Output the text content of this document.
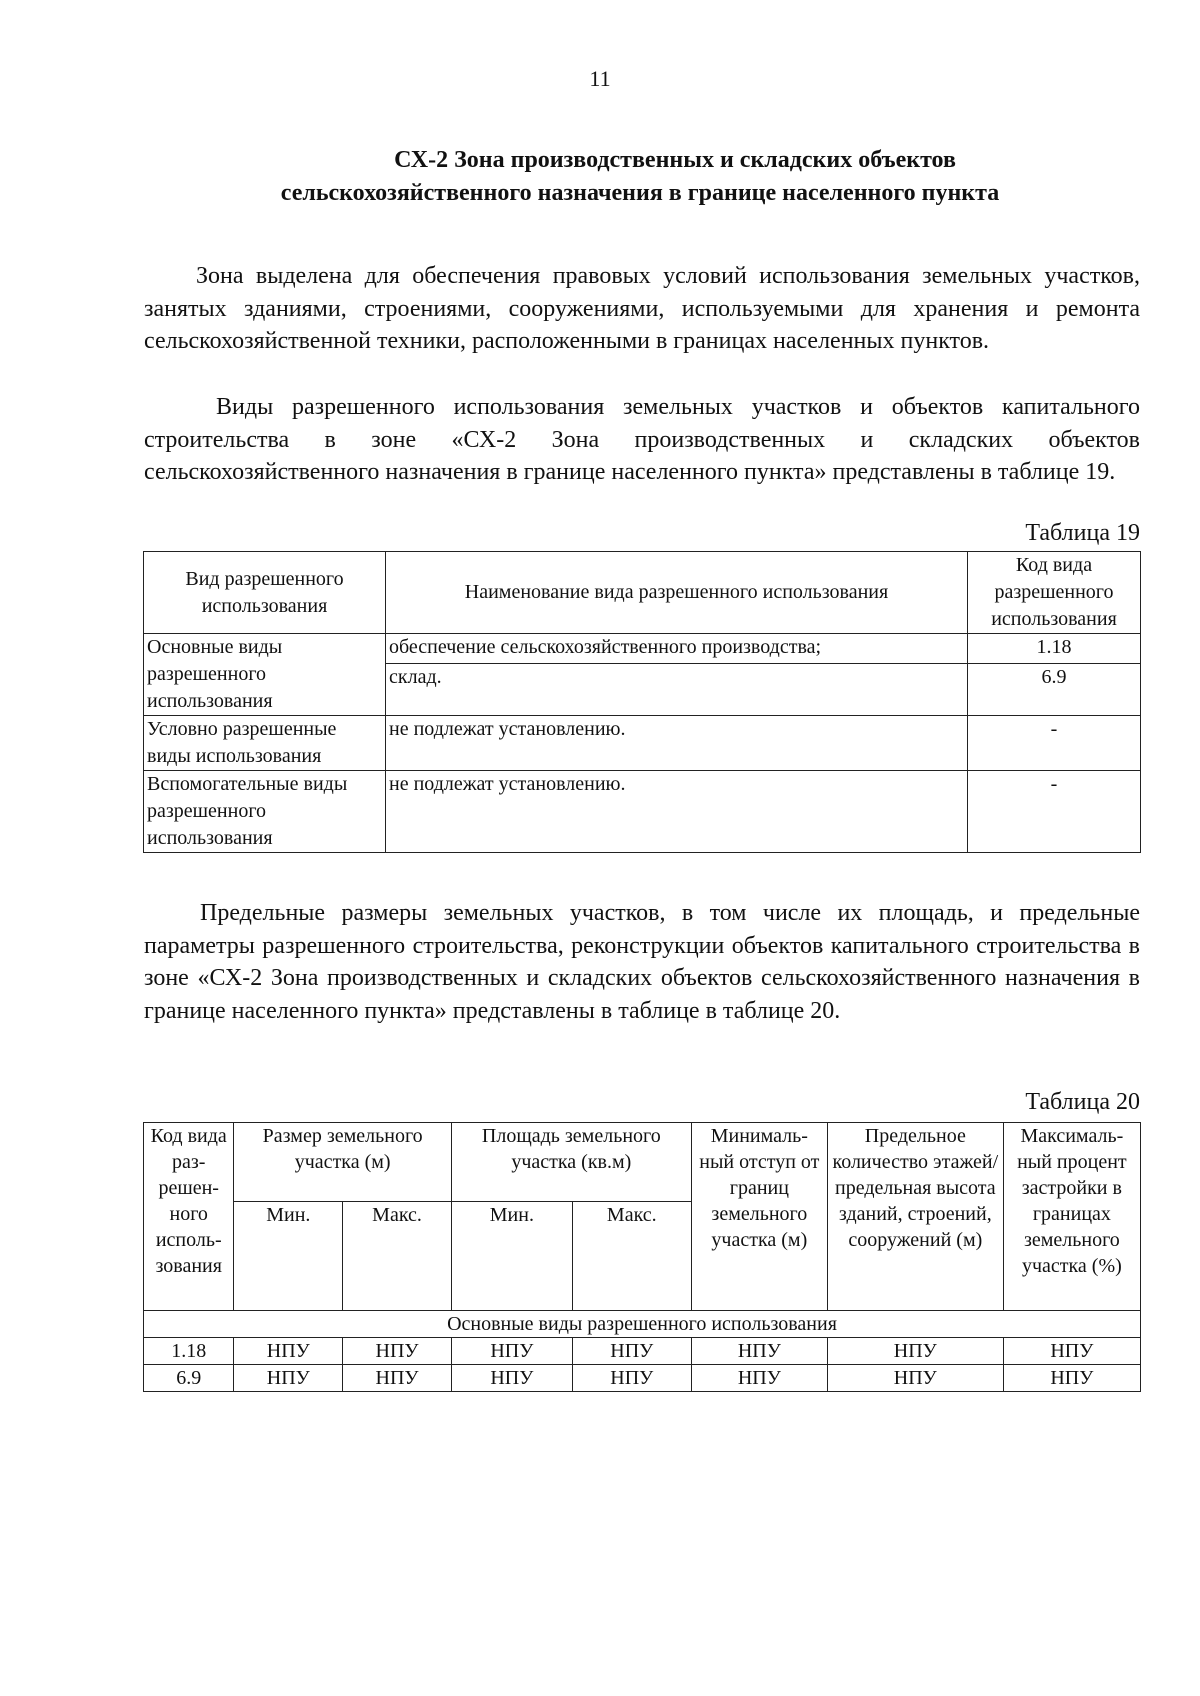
11
СХ-2 Зона производственных и складских объектов
сельскохозяйственного назначения в границе населенного пункта

Зона выделена для обеспечения правовых условий использования земельных участков, занятых зданиями, строениями, сооружениями, используемыми для хранения и ремонта сельскохозяйственной техники, расположенными в границах населенных пунктов.

Виды разрешенного использования земельных участков и объектов капитального строительства в зоне «СХ-2 Зона производственных и складских объектов сельскохозяйственного назначения в границе населенного пункта» представлены в таблице 19.

Таблица 19
Вид разрешенного использования	Наименование вида разрешенного использования	Код вида разрешенного использования
Основные виды разрешенного использования	обеспечение сельскохозяйственного производства;	1.18
	склад.	6.9
Условно разрешенные виды использования	не подлежат установлению.	-
Вспомогательные виды разрешенного использования	не подлежат установлению.	-

Предельные размеры земельных участков, в том числе их площадь, и предельные параметры разрешенного строительства, реконструкции объектов капитального строительства в зоне «СХ-2 Зона производственных и складских объектов сельскохозяйственного назначения в границе населенного пункта» представлены в таблице в таблице 20.

Таблица 20
Код вида раз-решен-ного исполь-зования	Размер земельного участка (м)		Площадь земельного участка (кв.м)		Минималь-ный отступ от границ земельного участка (м)	Предельное количество этажей/ предельная высота зданий, строений, сооружений (м)	Максималь-ный процент застройки в границах земельного участка (%)
	Мин.	Макс.	Мин.	Макс.			
Основные виды разрешенного использования							
1.18	НПУ	НПУ	НПУ	НПУ	НПУ	НПУ	НПУ
6.9	НПУ	НПУ	НПУ	НПУ	НПУ	НПУ	НПУ
